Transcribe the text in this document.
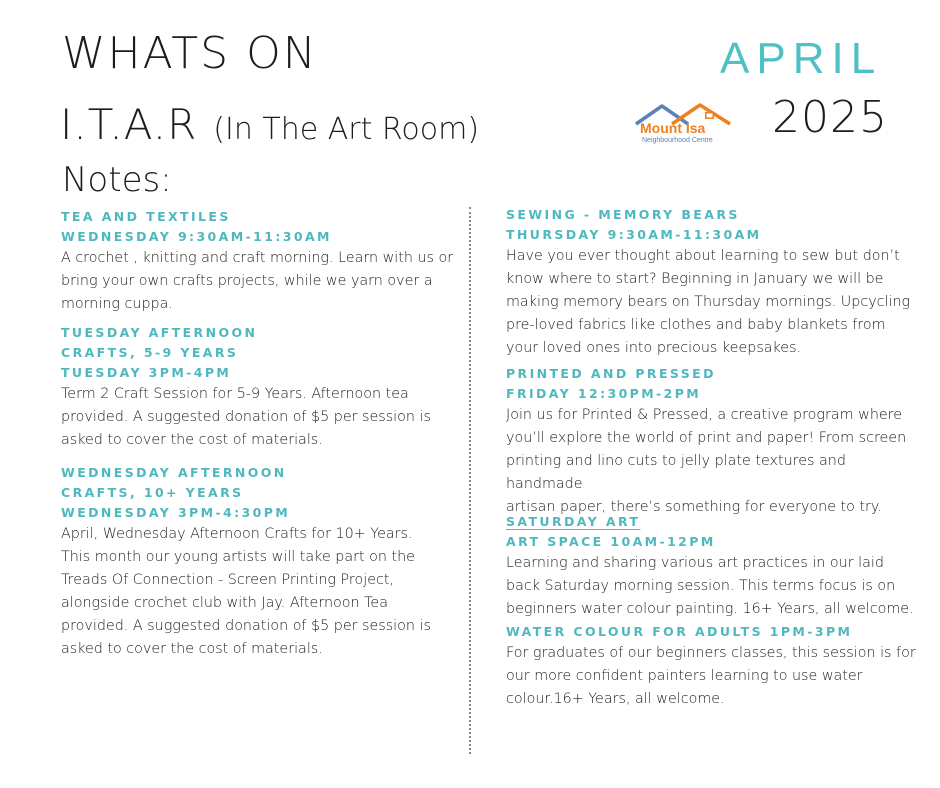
WHATS ON
I.T.A.R (In The Art Room)
Notes:
APRIL
2025
Mount Isa
Neighbourhood Centre
TEA AND TEXTILES
WEDNESDAY 9:30AM-11:30AM

A crochet , knitting and craft morning. Learn with us or
bring your own crafts projects, while we yarn over a
morning cuppa.

TUESDAY AFTERNOON
CRAFTS, 5-9 YEARS
TUESDAY 3PM-4PM

Term 2 Craft Session for 5-9 Years. Afternoon tea
provided. A suggested donation of $5 per session is
asked to cover the cost of materials.

WEDNESDAY AFTERNOON
CRAFTS, 10+ YEARS
WEDNESDAY 3PM-4:30PM

April, Wednesday Afternoon Crafts for 10+ Years.
This month our young artists will take part on the
Treads Of Connection - Screen Printing Project,
alongside crochet club with Jay. Afternoon Tea
provided. A suggested donation of $5 per session is
asked to cover the cost of materials.

SEWING - MEMORY BEARS
THURSDAY 9:30AM-11:30AM

Have you ever thought about learning to sew but don’t
know where to start? Beginning in January we will be
making memory bears on Thursday mornings. Upcycling
pre-loved fabrics like clothes and baby blankets from
your loved ones into precious keepsakes.

PRINTED AND PRESSED
FRIDAY 12:30PM-2PM

Join us for Printed & Pressed, a creative program where
you’ll explore the world of print and paper! From screen
printing and lino cuts to jelly plate textures and handmade
artisan paper, there’s something for everyone to try.

SATURDAY ART
ART SPACE 10AM-12PM

Learning and sharing various art practices in our laid
back Saturday morning session. This terms focus is on
beginners water colour painting. 16+ Years, all welcome.

WATER COLOUR FOR ADULTS 1PM-3PM

For graduates of our beginners classes, this session is for
our more confident painters learning to use water
colour.16+ Years, all welcome.
